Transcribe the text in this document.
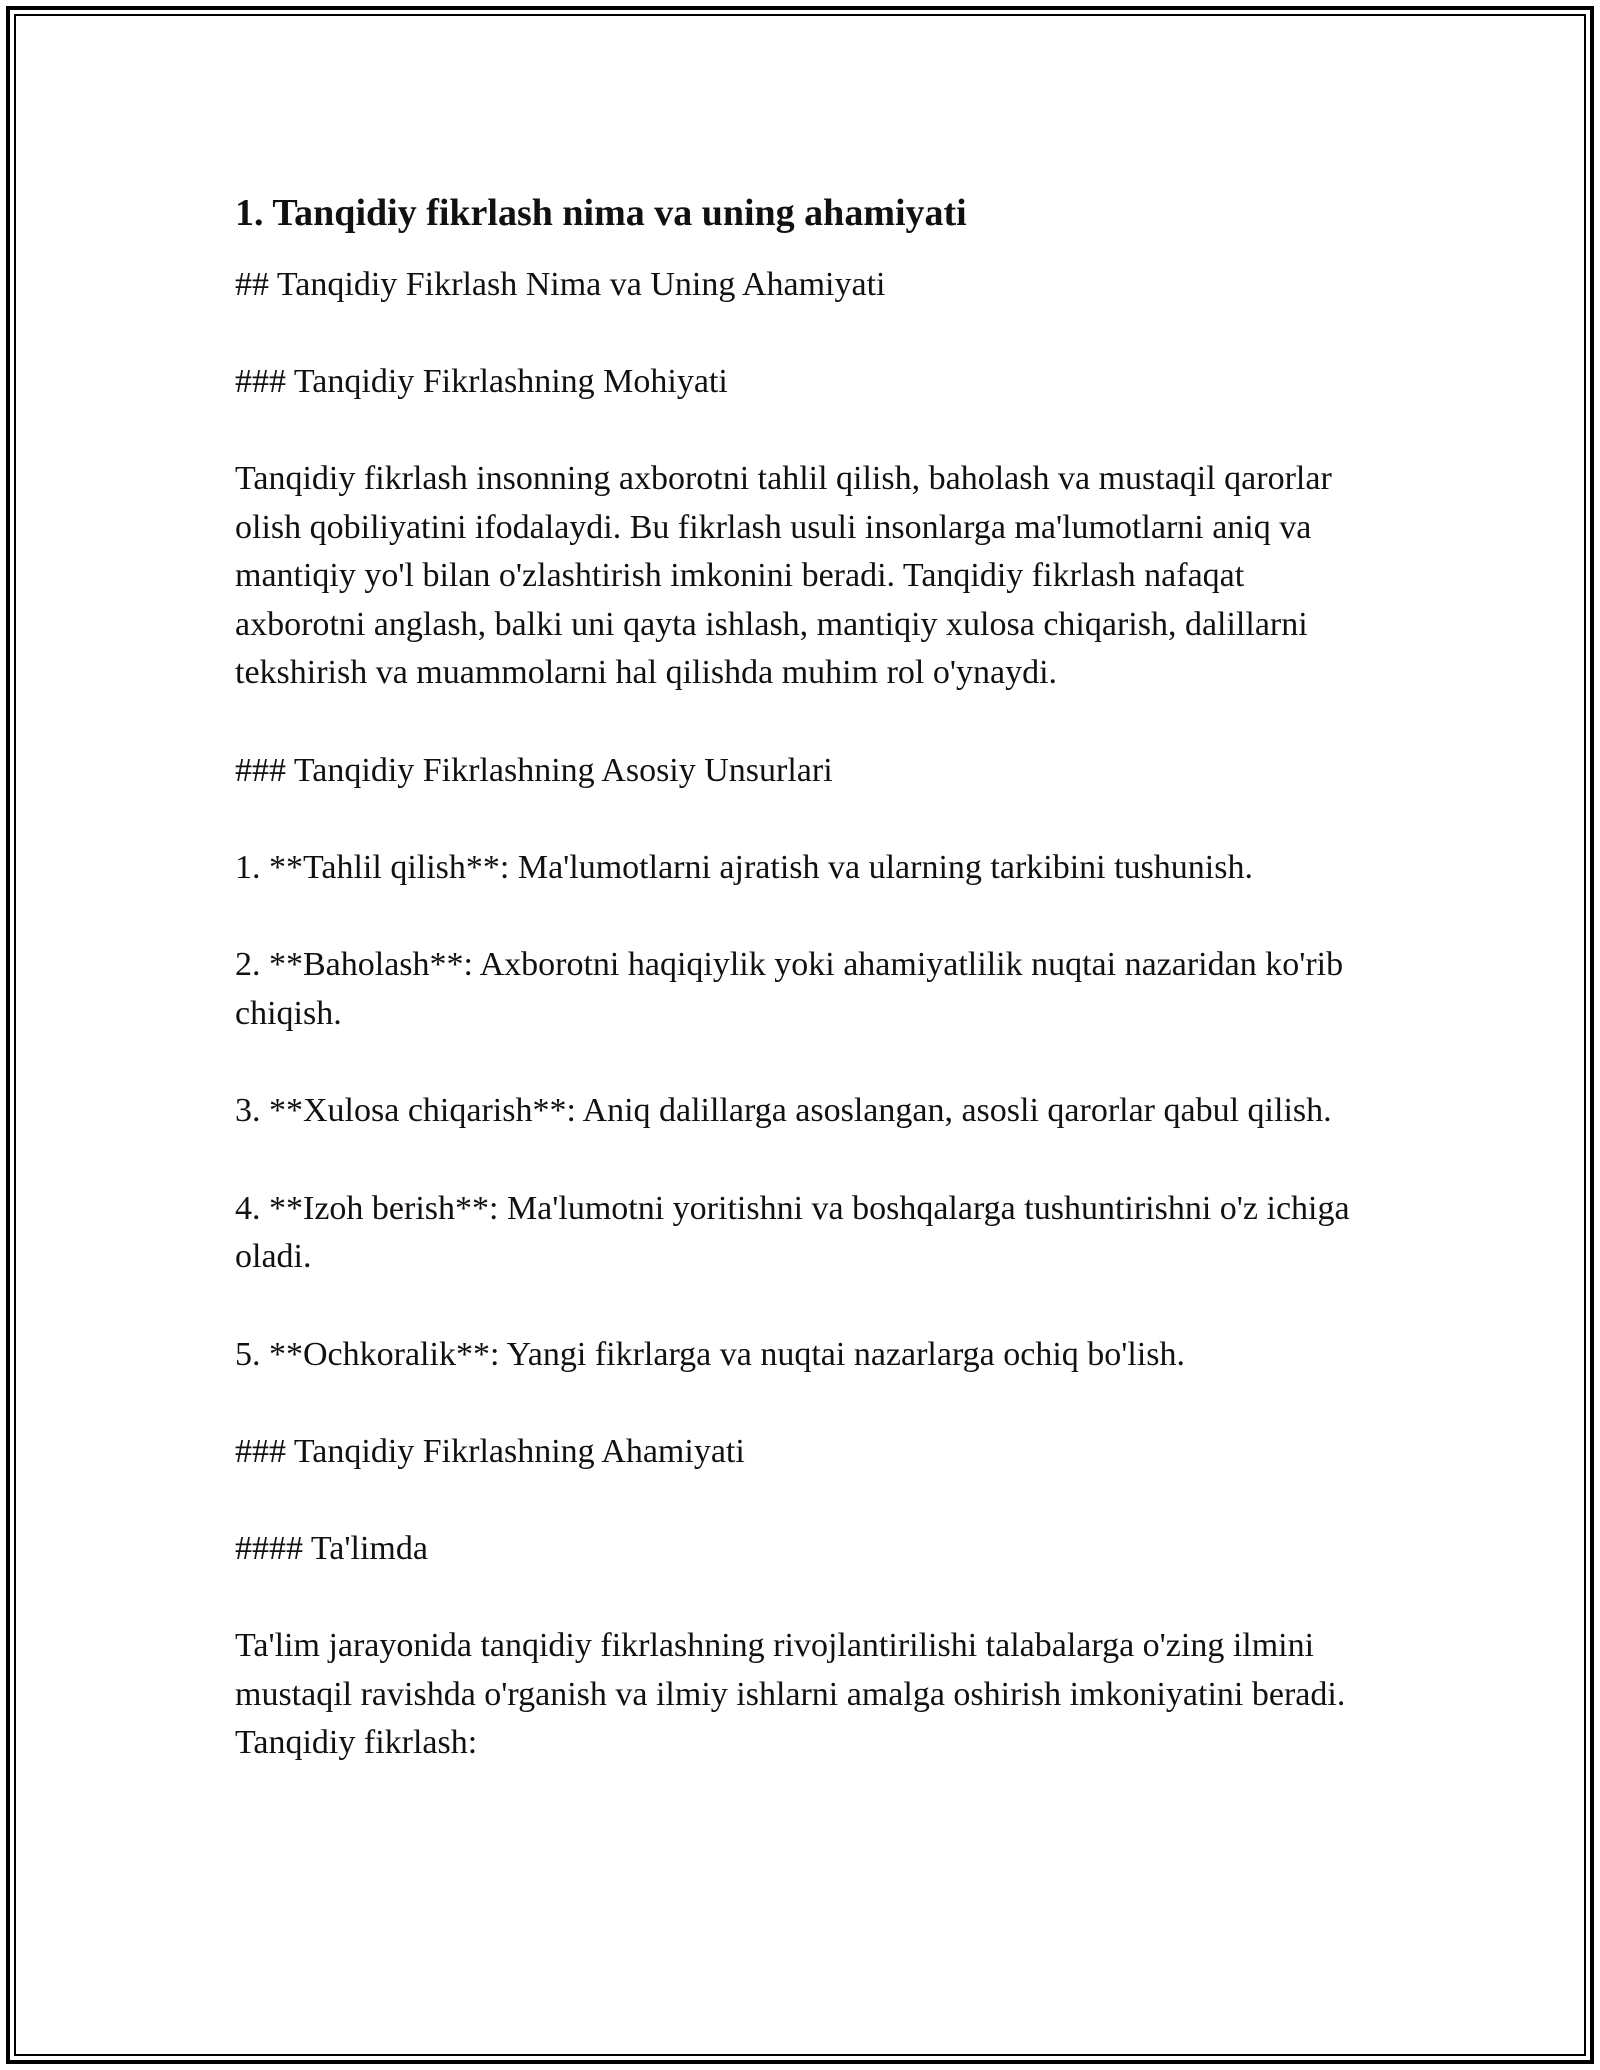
1. Tanqidiy fikrlash nima va uning ahamiyati
## Tanqidiy Fikrlash Nima va Uning Ahamiyati
### Tanqidiy Fikrlashning Mohiyati
Tanqidiy fikrlash insonning axborotni tahlil qilish, baholash va mustaqil qarorlar olish qobiliyatini ifodalaydi. Bu fikrlash usuli insonlarga ma'lumotlarni aniq va mantiqiy yo'l bilan o'zlashtirish imkonini beradi. Tanqidiy fikrlash nafaqat axborotni anglash, balki uni qayta ishlash, mantiqiy xulosa chiqarish, dalillarni tekshirish va muammolarni hal qilishda muhim rol o'ynaydi.
### Tanqidiy Fikrlashning Asosiy Unsurlari
1. **Tahlil qilish**: Ma'lumotlarni ajratish va ularning tarkibini tushunish.
2. **Baholash**: Axborotni haqiqiylik yoki ahamiyatlilik nuqtai nazaridan ko'rib chiqish.
3. **Xulosa chiqarish**: Aniq dalillarga asoslangan, asosli qarorlar qabul qilish.
4. **Izoh berish**: Ma'lumotni yoritishni va boshqalarga tushuntirishni o'z ichiga oladi.
5. **Ochkoralik**: Yangi fikrlarga va nuqtai nazarlarga ochiq bo'lish.
### Tanqidiy Fikrlashning Ahamiyati
#### Ta'limda
Ta'lim jarayonida tanqidiy fikrlashning rivojlantirilishi talabalarga o'zing ilmini mustaqil ravishda o'rganish va ilmiy ishlarni amalga oshirish imkoniyatini beradi. Tanqidiy fikrlash:
